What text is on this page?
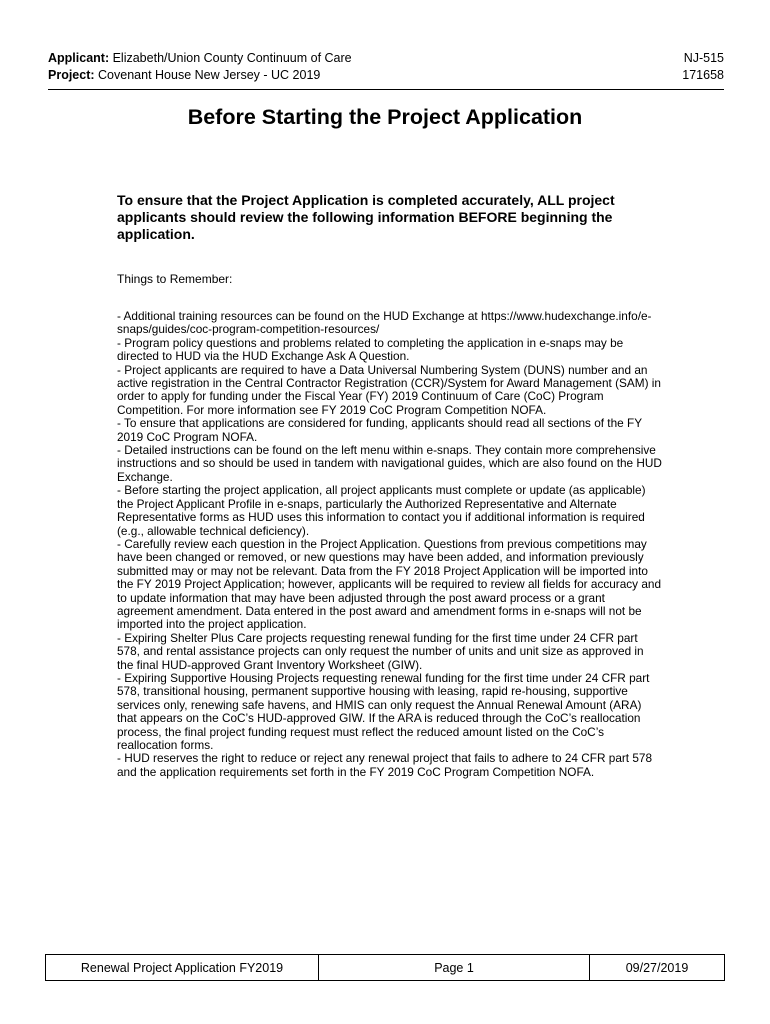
Applicant: Elizabeth/Union County Continuum of Care	NJ-515
Project: Covenant House New Jersey - UC 2019	171658
Before Starting the Project Application
To ensure that the Project Application is completed accurately, ALL project applicants should review the following information BEFORE beginning the application.
Things to Remember:

- Additional training resources can be found on the HUD Exchange at https://www.hudexchange.info/e-snaps/guides/coc-program-competition-resources/

- Program policy questions and problems related to completing the application in e-snaps may be directed to HUD via the HUD Exchange Ask A Question.

- Project applicants are required to have a Data Universal Numbering System (DUNS) number and an active registration in the Central Contractor Registration (CCR)/System for Award Management (SAM) in order to apply for funding under the Fiscal Year (FY) 2019 Continuum of Care (CoC) Program Competition. For more information see FY 2019 CoC Program Competition NOFA.

- To ensure that applications are considered for funding, applicants should read all sections of the FY 2019 CoC Program NOFA.

- Detailed instructions can be found on the left menu within e-snaps. They contain more comprehensive instructions and so should be used in tandem with navigational guides, which are also found on the HUD Exchange.

- Before starting the project application, all project applicants must complete or update (as applicable) the Project Applicant Profile in e-snaps, particularly the Authorized Representative and Alternate Representative forms as HUD uses this information to contact you if additional information is required (e.g., allowable technical deficiency).

- Carefully review each question in the Project Application. Questions from previous competitions may have been changed or removed, or new questions may have been added, and information previously submitted may or may not be relevant. Data from the FY 2018 Project Application will be imported into the FY 2019 Project Application; however, applicants will be required to review all fields for accuracy and to update information that may have been adjusted through the post award process or a grant agreement amendment. Data entered in the post award and amendment forms in e-snaps will not be imported into the project application.

- Expiring Shelter Plus Care projects requesting renewal funding for the first time under 24 CFR part 578, and rental assistance projects can only request the number of units and unit size as approved in the final HUD-approved Grant Inventory Worksheet (GIW).

- Expiring Supportive Housing Projects requesting renewal funding for the first time under 24 CFR part 578, transitional housing, permanent supportive housing with leasing, rapid re-housing, supportive services only, renewing safe havens, and HMIS can only request the Annual Renewal Amount (ARA) that appears on the CoC’s HUD-approved GIW. If the ARA is reduced through the CoC’s reallocation process, the final project funding request must reflect the reduced amount listed on the CoC’s reallocation forms.

- HUD reserves the right to reduce or reject any renewal project that fails to adhere to 24 CFR part 578 and the application requirements set forth in the FY 2019 CoC Program Competition NOFA.

Renewal Project Application FY2019	Page 1	09/27/2019
